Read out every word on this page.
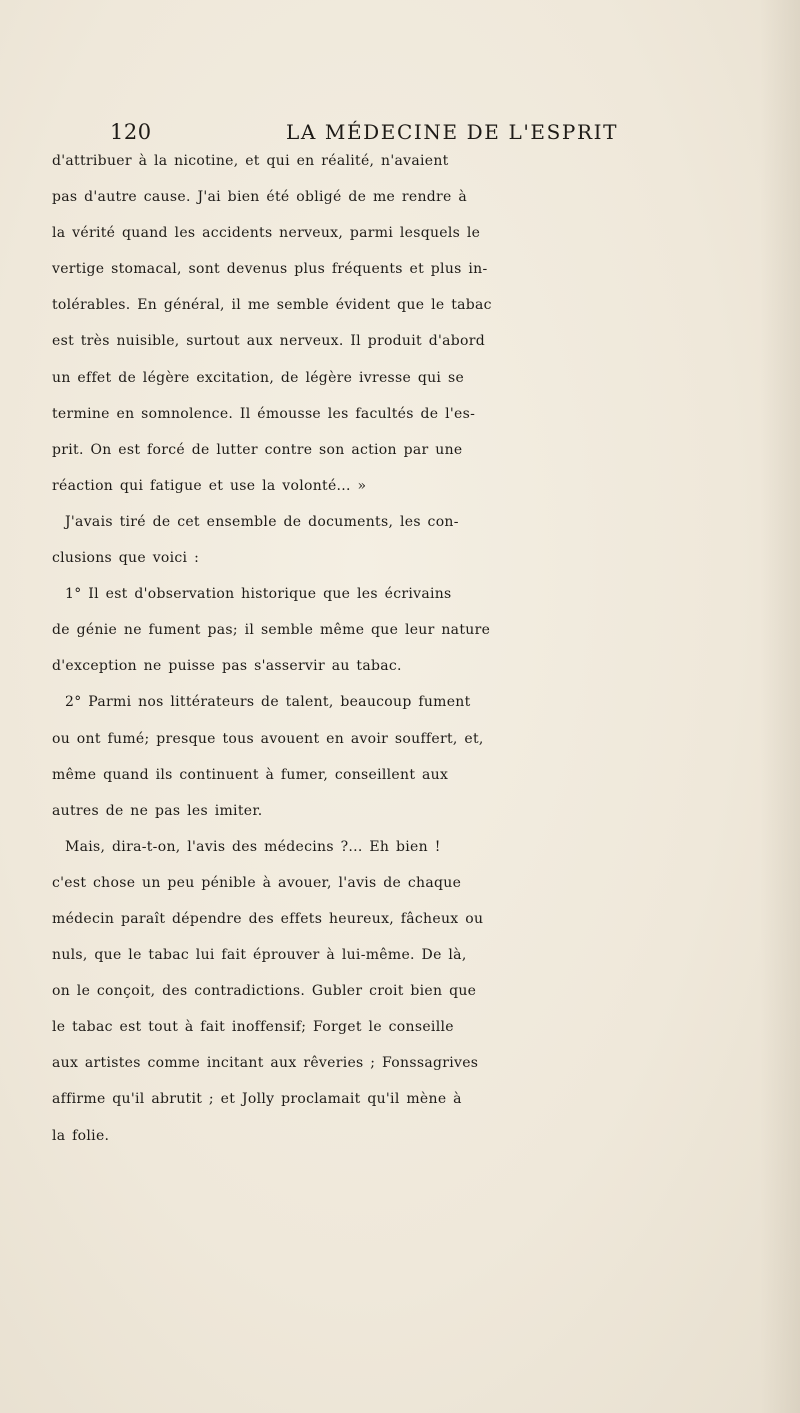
120	LA MÉDECINE DE L'ESPRIT
d'attribuer à la nicotine, et qui en réalité, n'avaient
pas d'autre cause. J'ai bien été obligé de me rendre à
la vérité quand les accidents nerveux, parmi lesquels le
vertige stomacal, sont devenus plus fréquents et plus in-
tolérables. En général, il me semble évident que le tabac
est très nuisible, surtout aux nerveux. Il produit d'abord
un effet de légère excitation, de légère ivresse qui se
termine en somnolence. Il émousse les facultés de l'es-
prit. On est forcé de lutter contre son action par une
réaction qui fatigue et use la volonté... »
J'avais tiré de cet ensemble de documents, les con-
clusions que voici :
1° Il est d'observation historique que les écrivains
de génie ne fument pas; il semble même que leur nature
d'exception ne puisse pas s'asservir au tabac.
2° Parmi nos littérateurs de talent, beaucoup fument
ou ont fumé; presque tous avouent en avoir souffert, et,
même quand ils continuent à fumer, conseillent aux
autres de ne pas les imiter.
Mais, dira-t-on, l'avis des médecins ?... Eh bien !
c'est chose un peu pénible à avouer, l'avis de chaque
médecin paraît dépendre des effets heureux, fâcheux ou
nuls, que le tabac lui fait éprouver à lui-même. De là,
on le conçoit, des contradictions. Gubler croit bien que
le tabac est tout à fait inoffensif; Forget le conseille
aux artistes comme incitant aux rêveries ; Fonssagrives
affirme qu'il abrutit ; et Jolly proclamait qu'il mène à
la folie.
